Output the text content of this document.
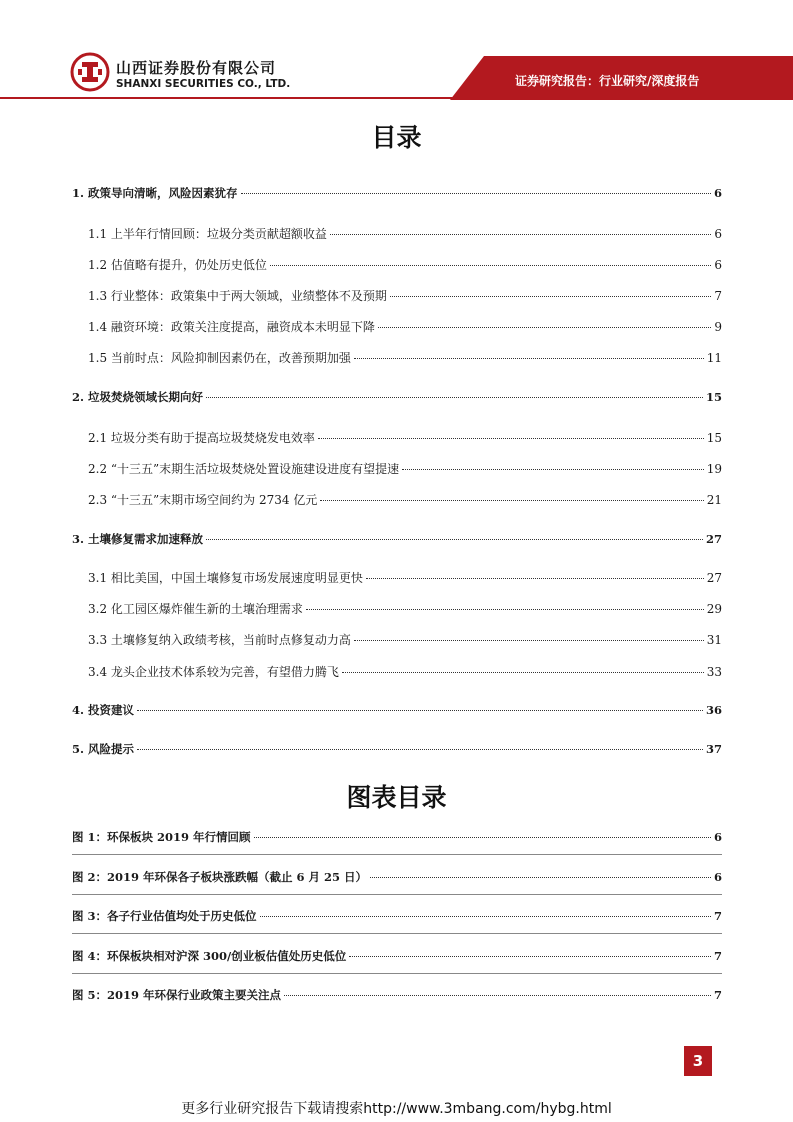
山西证券股份有限公司
SHANXI SECURITIES CO., LTD.	证券研究报告：行业研究/深度报告
目录
1. 政策导向清晰，风险因素犹存	6
1.1 上半年行情回顾：垃圾分类贡献超额收益	6
1.2 估值略有提升，仍处历史低位	6
1.3 行业整体：政策集中于两大领域，业绩整体不及预期	7
1.4 融资环境：政策关注度提高，融资成本未明显下降	9
1.5 当前时点：风险抑制因素仍在，改善预期加强	11
2. 垃圾焚烧领域长期向好	15
2.1 垃圾分类有助于提高垃圾焚烧发电效率	15
2.2 “十三五”末期生活垃圾焚烧处置设施建设进度有望提速	19
2.3 “十三五”末期市场空间约为 2734 亿元	21
3. 土壤修复需求加速释放	27
3.1 相比美国，中国土壤修复市场发展速度明显更快	27
3.2 化工园区爆炸催生新的土壤治理需求	29
3.3 土壤修复纳入政绩考核，当前时点修复动力高	31
3.4 龙头企业技术体系较为完善，有望借力腾飞	33
4. 投资建议	36
5. 风险提示	37
图表目录
图 1：环保板块 2019 年行情回顾	6
图 2：2019 年环保各子板块涨跌幅（截止 6 月 25 日）	6
图 3：各子行业估值均处于历史低位	7
图 4：环保板块相对沪深 300/创业板估值处历史低位	7
图 5：2019 年环保行业政策主要关注点	7
3
更多行业研究报告下载请搜索http://www.3mbang.com/hybg.html
